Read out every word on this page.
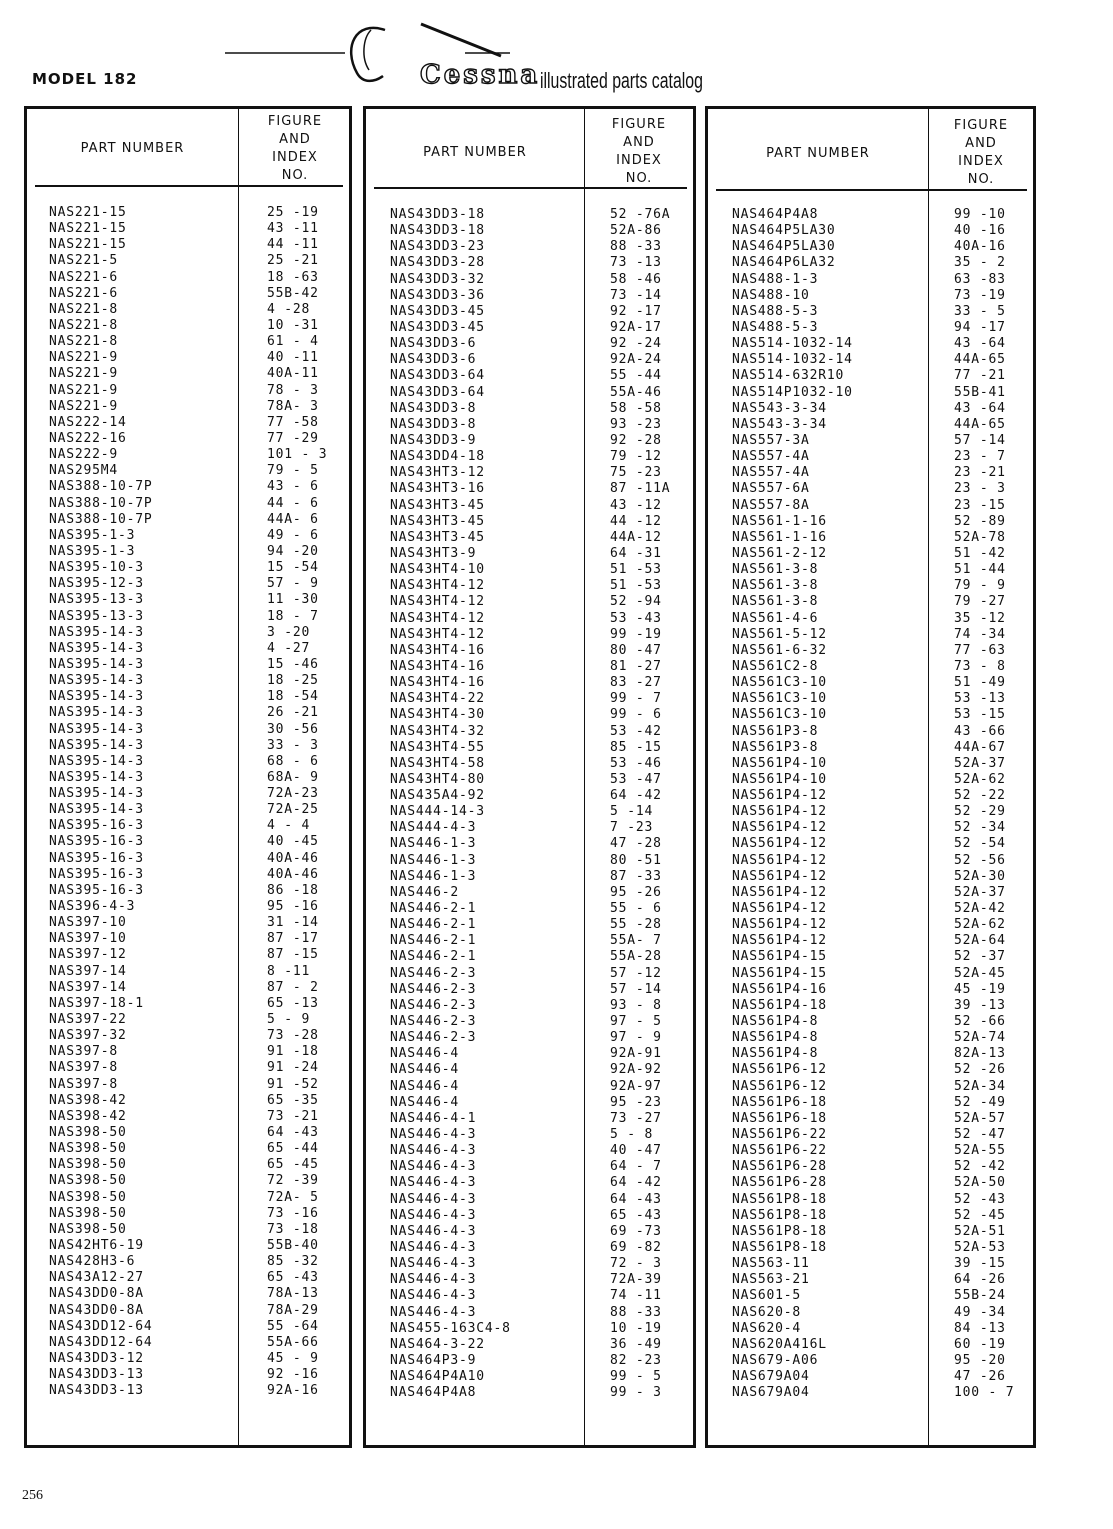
MODEL 182	Cessna illustrated parts catalog
PART NUMBER
FIGURE
AND
INDEX
NO.
NAS221-15	25 -19
NAS221-15	43 -11
NAS221-15	44 -11
NAS221-5	25 -21
NAS221-6	18 -63
NAS221-6	55B-42
NAS221-8	4 -28
NAS221-8	10 -31
NAS221-8	61 - 4
NAS221-9	40 -11
NAS221-9	40A-11
NAS221-9	78 - 3
NAS221-9	78A- 3
NAS222-14	77 -58
NAS222-16	77 -29
NAS222-9	101 - 3
NAS295M4	79 - 5
NAS388-10-7P	43 - 6
NAS388-10-7P	44 - 6
NAS388-10-7P	44A- 6
NAS395-1-3	49 - 6
NAS395-1-3	94 -20
NAS395-10-3	15 -54
NAS395-12-3	57 - 9
NAS395-13-3	11 -30
NAS395-13-3	18 - 7
NAS395-14-3	3 -20
NAS395-14-3	4 -27
NAS395-14-3	15 -46
NAS395-14-3	18 -25
NAS395-14-3	18 -54
NAS395-14-3	26 -21
NAS395-14-3	30 -56
NAS395-14-3	33 - 3
NAS395-14-3	68 - 6
NAS395-14-3	68A- 9
NAS395-14-3	72A-23
NAS395-14-3	72A-25
NAS395-16-3	4 - 4
NAS395-16-3	40 -45
NAS395-16-3	40A-46
NAS395-16-3	40A-46
NAS395-16-3	86 -18
NAS396-4-3	95 -16
NAS397-10	31 -14
NAS397-10	87 -17
NAS397-12	87 -15
NAS397-14	8 -11
NAS397-14	87 - 2
NAS397-18-1	65 -13
NAS397-22	5 - 9
NAS397-32	73 -28
NAS397-8	91 -18
NAS397-8	91 -24
NAS397-8	91 -52
NAS398-42	65 -35
NAS398-42	73 -21
NAS398-50	64 -43
NAS398-50	65 -44
NAS398-50	65 -45
NAS398-50	72 -39
NAS398-50	72A- 5
NAS398-50	73 -16
NAS398-50	73 -18
NAS42HT6-19	55B-40
NAS428H3-6	85 -32
NAS43A12-27	65 -43
NAS43DD0-8A	78A-13
NAS43DD0-8A	78A-29
NAS43DD12-64	55 -64
NAS43DD12-64	55A-66
NAS43DD3-12	45 - 9
NAS43DD3-13	92 -16
NAS43DD3-13	92A-16
PART NUMBER
FIGURE
AND
INDEX
NO.
NAS43DD3-18	52 -76A
NAS43DD3-18	52A-86
NAS43DD3-23	88 -33
NAS43DD3-28	73 -13
NAS43DD3-32	58 -46
NAS43DD3-36	73 -14
NAS43DD3-45	92 -17
NAS43DD3-45	92A-17
NAS43DD3-6	92 -24
NAS43DD3-6	92A-24
NAS43DD3-64	55 -44
NAS43DD3-64	55A-46
NAS43DD3-8	58 -58
NAS43DD3-8	93 -23
NAS43DD3-9	92 -28
NAS43DD4-18	79 -12
NAS43HT3-12	75 -23
NAS43HT3-16	87 -11A
NAS43HT3-45	43 -12
NAS43HT3-45	44 -12
NAS43HT3-45	44A-12
NAS43HT3-9	64 -31
NAS43HT4-10	51 -53
NAS43HT4-12	51 -53
NAS43HT4-12	52 -94
NAS43HT4-12	53 -43
NAS43HT4-12	99 -19
NAS43HT4-16	80 -47
NAS43HT4-16	81 -27
NAS43HT4-16	83 -27
NAS43HT4-22	99 - 7
NAS43HT4-30	99 - 6
NAS43HT4-32	53 -42
NAS43HT4-55	85 -15
NAS43HT4-58	53 -46
NAS43HT4-80	53 -47
NAS435A4-92	64 -42
NAS444-14-3	5 -14
NAS444-4-3	7 -23
NAS446-1-3	47 -28
NAS446-1-3	80 -51
NAS446-1-3	87 -33
NAS446-2	95 -26
NAS446-2-1	55 - 6
NAS446-2-1	55 -28
NAS446-2-1	55A- 7
NAS446-2-1	55A-28
NAS446-2-3	57 -12
NAS446-2-3	57 -14
NAS446-2-3	93 - 8
NAS446-2-3	97 - 5
NAS446-2-3	97 - 9
NAS446-4	92A-91
NAS446-4	92A-92
NAS446-4	92A-97
NAS446-4	95 -23
NAS446-4-1	73 -27
NAS446-4-3	5 - 8
NAS446-4-3	40 -47
NAS446-4-3	64 - 7
NAS446-4-3	64 -42
NAS446-4-3	64 -43
NAS446-4-3	65 -43
NAS446-4-3	69 -73
NAS446-4-3	69 -82
NAS446-4-3	72 - 3
NAS446-4-3	72A-39
NAS446-4-3	74 -11
NAS446-4-3	88 -33
NAS455-163C4-8	10 -19
NAS464-3-22	36 -49
NAS464P3-9	82 -23
NAS464P4A10	99 - 5
NAS464P4A8	99 - 3
PART NUMBER
FIGURE
AND
INDEX
NO.
NAS464P4A8	99 -10
NAS464P5LA30	40 -16
NAS464P5LA30	40A-16
NAS464P6LA32	35 - 2
NAS488-1-3	63 -83
NAS488-10	73 -19
NAS488-5-3	33 - 5
NAS488-5-3	94 -17
NAS514-1032-14	43 -64
NAS514-1032-14	44A-65
NAS514-632R10	77 -21
NAS514P1032-10	55B-41
NAS543-3-34	43 -64
NAS543-3-34	44A-65
NAS557-3A	57 -14
NAS557-4A	23 - 7
NAS557-4A	23 -21
NAS557-6A	23 - 3
NAS557-8A	23 -15
NAS561-1-16	52 -89
NAS561-1-16	52A-78
NAS561-2-12	51 -42
NAS561-3-8	51 -44
NAS561-3-8	79 - 9
NAS561-3-8	79 -27
NAS561-4-6	35 -12
NAS561-5-12	74 -34
NAS561-6-32	77 -63
NAS561C2-8	73 - 8
NAS561C3-10	51 -49
NAS561C3-10	53 -13
NAS561C3-10	53 -15
NAS561P3-8	43 -66
NAS561P3-8	44A-67
NAS561P4-10	52A-37
NAS561P4-10	52A-62
NAS561P4-12	52 -22
NAS561P4-12	52 -29
NAS561P4-12	52 -34
NAS561P4-12	52 -54
NAS561P4-12	52 -56
NAS561P4-12	52A-30
NAS561P4-12	52A-37
NAS561P4-12	52A-42
NAS561P4-12	52A-62
NAS561P4-12	52A-64
NAS561P4-15	52 -37
NAS561P4-15	52A-45
NAS561P4-16	45 -19
NAS561P4-18	39 -13
NAS561P4-8	52 -66
NAS561P4-8	52A-74
NAS561P4-8	82A-13
NAS561P6-12	52 -26
NAS561P6-12	52A-34
NAS561P6-18	52 -49
NAS561P6-18	52A-57
NAS561P6-22	52 -47
NAS561P6-22	52A-55
NAS561P6-28	52 -42
NAS561P6-28	52A-50
NAS561P8-18	52 -43
NAS561P8-18	52 -45
NAS561P8-18	52A-51
NAS561P8-18	52A-53
NAS563-11	39 -15
NAS563-21	64 -26
NAS601-5	55B-24
NAS620-8	49 -34
NAS620-4	84 -13
NAS620A416L	60 -19
NAS679-A06	95 -20
NAS679A04	47 -26
NAS679A04	100 - 7
256
